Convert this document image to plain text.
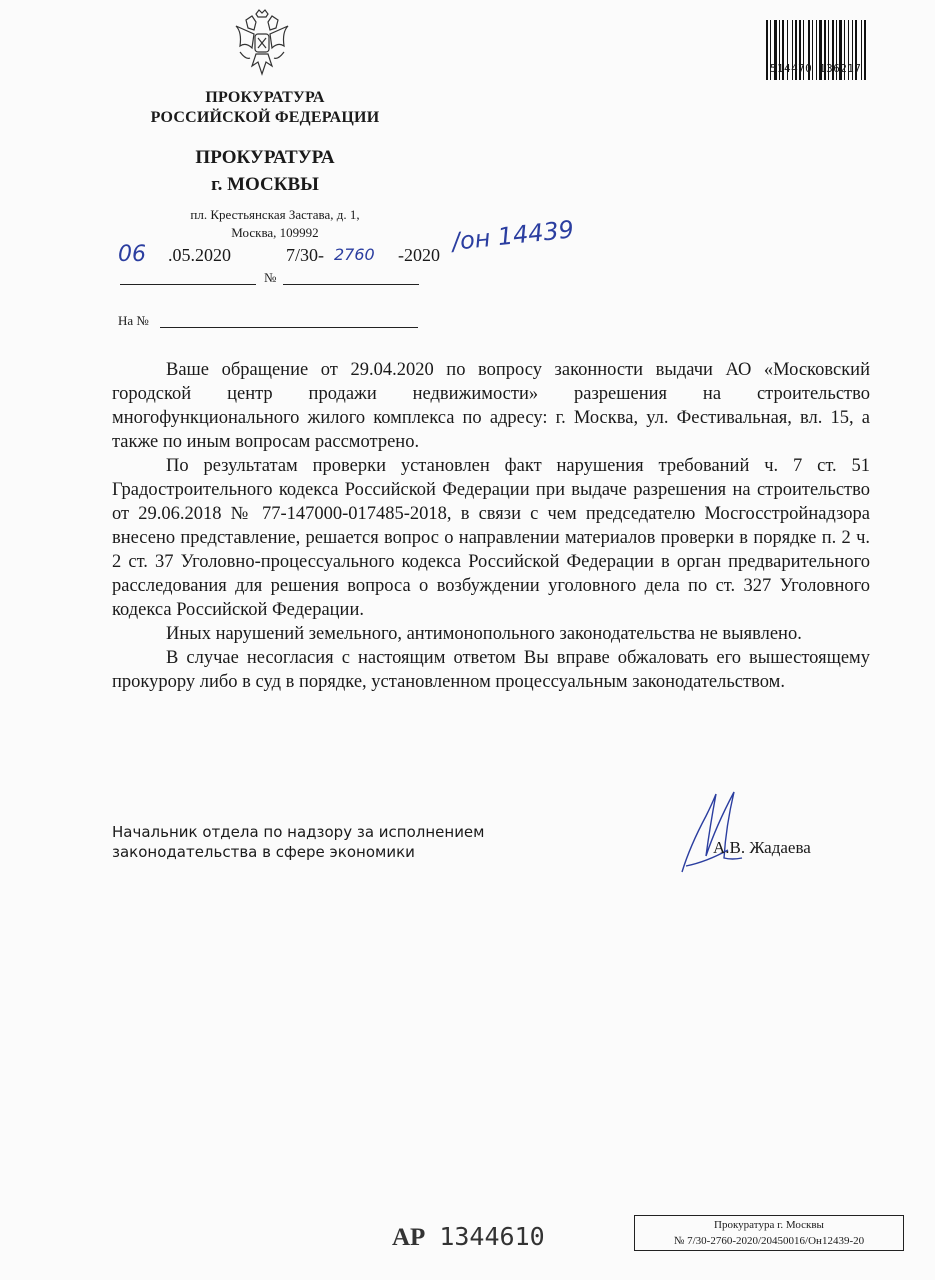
ПРОКУРАТУРА
РОССИЙСКОЙ ФЕДЕРАЦИИ
ПРОКУРАТУРА
г. МОСКВЫ
пл. Крестьянская Застава, д. 1,
Москва, 109992
514470 136217
06 .05.2020	7/30- 2760 -2020 /он 14439
№
На №

Ваше обращение от 29.04.2020 по вопросу законности выдачи АО «Московский городской центр продажи недвижимости» разрешения на строительство многофункционального жилого комплекса по адресу: г. Москва, ул. Фестивальная, вл. 15, а также по иным вопросам рассмотрено.

По результатам проверки установлен факт нарушения требований ч. 7 ст. 51 Градостроительного кодекса Российской Федерации при выдаче разрешения на строительство от 29.06.2018 № 77-147000-017485-2018, в связи с чем председателю Мосгосстройнадзора внесено представление, решается вопрос о направлении материалов проверки в порядке п. 2 ч. 2 ст. 37 Уголовно-процессуального кодекса Российской Федерации в орган предварительного расследования для решения вопроса о возбуждении уголовного дела по ст. 327 Уголовного кодекса Российской Федерации.

Иных нарушений земельного, антимонопольного законодательства не выявлено.

В случае несогласия с настоящим ответом Вы вправе обжаловать его вышестоящему прокурору либо в суд в порядке, установленном процессуальным законодательством.

Начальник отдела по надзору за исполнением
законодательства в сфере экономики	А.В. Жадаева
АР 1344610	Прокуратура г. Москвы
№ 7/30-2760-2020/20450016/Он12439-20
